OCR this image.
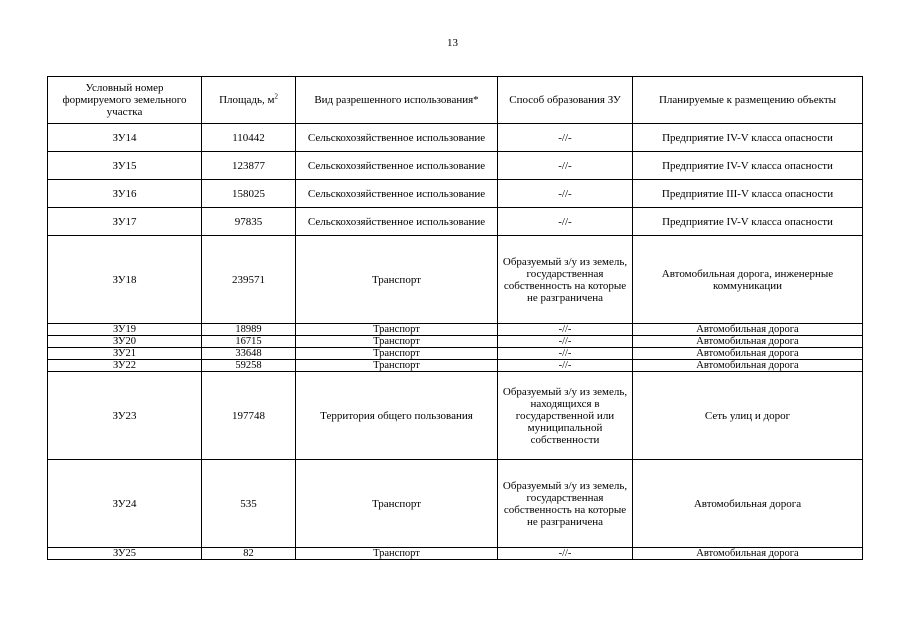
13
Условный номер формируемого земельного участка	Площадь, $м^2$	Вид разрешенного использования*	Способ образования ЗУ	Планируемые к размещению объекты
ЗУ14	110442	Сельскохозяйственное использование	-//-	Предприятие IV-V класса опасности
ЗУ15	123877	Сельскохозяйственное использование	-//-	Предприятие IV-V класса опасности
ЗУ16	158025	Сельскохозяйственное использование	-//-	Предприятие III-V класса опасности
ЗУ17	97835	Сельскохозяйственное использование	-//-	Предприятие IV-V класса опасности
ЗУ18	239571	Транспорт	Образуемый з/у из земель, государственная собственность на которые не разграничена	Автомобильная дорога, инженерные коммуникации
ЗУ19	18989	Транспорт	-//-	Автомобильная дорога
ЗУ20	16715	Транспорт	-//-	Автомобильная дорога
ЗУ21	33648	Транспорт	-//-	Автомобильная дорога
ЗУ22	59258	Транспорт	-//-	Автомобильная дорога
ЗУ23	197748	Территория общего пользования	Образуемый з/у из земель, находящихся в государственной или муниципальной собственности	Сеть улиц и дорог
ЗУ24	535	Транспорт	Образуемый з/у из земель, государственная собственность на которые не разграничена	Автомобильная дорога
ЗУ25	82	Транспорт	-//-	Автомобильная дорога
